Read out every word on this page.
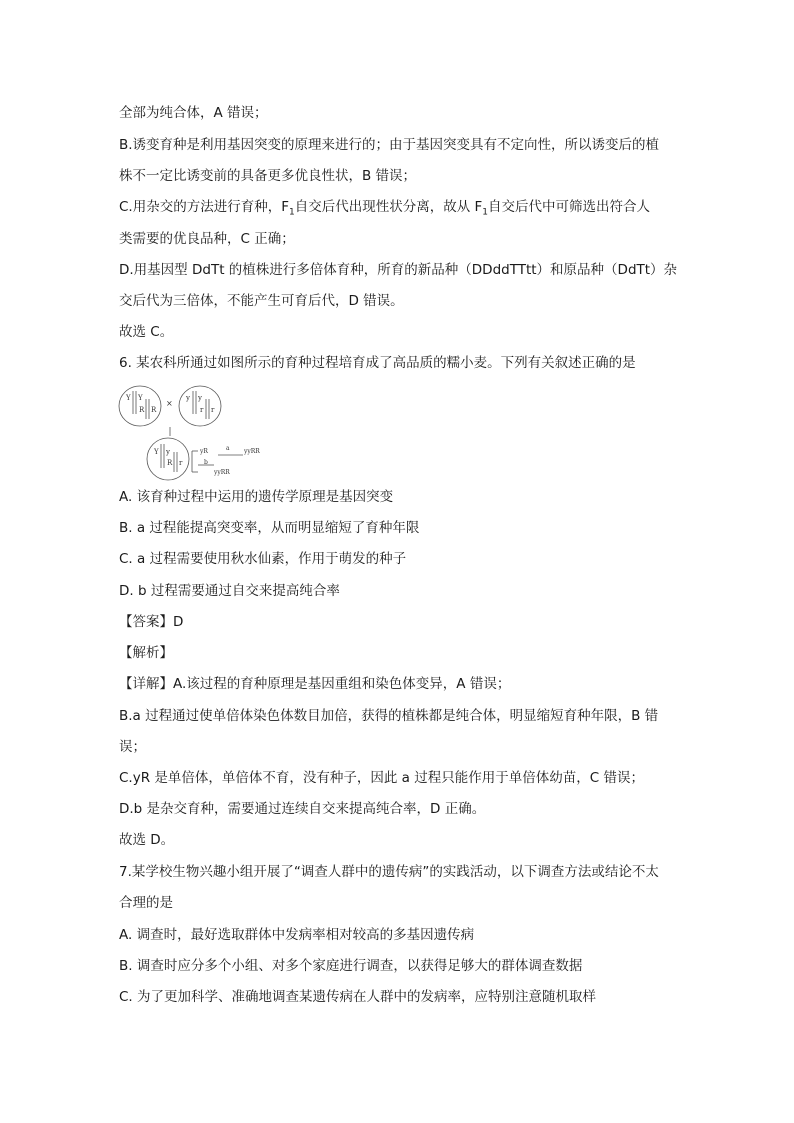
全部为纯合体，A 错误；
B.诱变育种是利用基因突变的原理来进行的；由于基因突变具有不定向性，所以诱变后的植
株不一定比诱变前的具备更多优良性状，B 错误；
C.用杂交的方法进行育种，$F_1$自交后代出现性状分离，故从 $F_1$自交后代中可筛选出符合人
类需要的优良品种，C 正确；
D.用基因型 DdTt 的植株进行多倍体育种，所育的新品种（DDddTTtt）和原品种（DdTt）杂
交后代为三倍体，不能产生可育后代，D 错误。
故选 C。
6. 某农科所通过如图所示的育种过程培育成了高品质的糯小麦。下列有关叙述正确的是
Y Y
R R
×
y y
r r
Y y
R r
yR	a yyRR
b
yyRR
A. 该育种过程中运用的遗传学原理是基因突变
B. a 过程能提高突变率，从而明显缩短了育种年限
C. a 过程需要使用秋水仙素，作用于萌发的种子
D. b 过程需要通过自交来提高纯合率
【答案】D
【解析】
【详解】A.该过程的育种原理是基因重组和染色体变异，A 错误；
B.a 过程通过使单倍体染色体数目加倍，获得的植株都是纯合体，明显缩短育种年限，B 错
误；
C.yR 是单倍体，单倍体不育，没有种子，因此 a 过程只能作用于单倍体幼苗，C 错误；
D.b 是杂交育种，需要通过连续自交来提高纯合率，D 正确。
故选 D。
7.某学校生物兴趣小组开展了“调查人群中的遗传病”的实践活动，以下调查方法或结论不太
合理的是
A. 调查时，最好选取群体中发病率相对较高的多基因遗传病
B. 调查时应分多个小组、对多个家庭进行调查，以获得足够大的群体调查数据
C. 为了更加科学、准确地调查某遗传病在人群中的发病率，应特别注意随机取样
